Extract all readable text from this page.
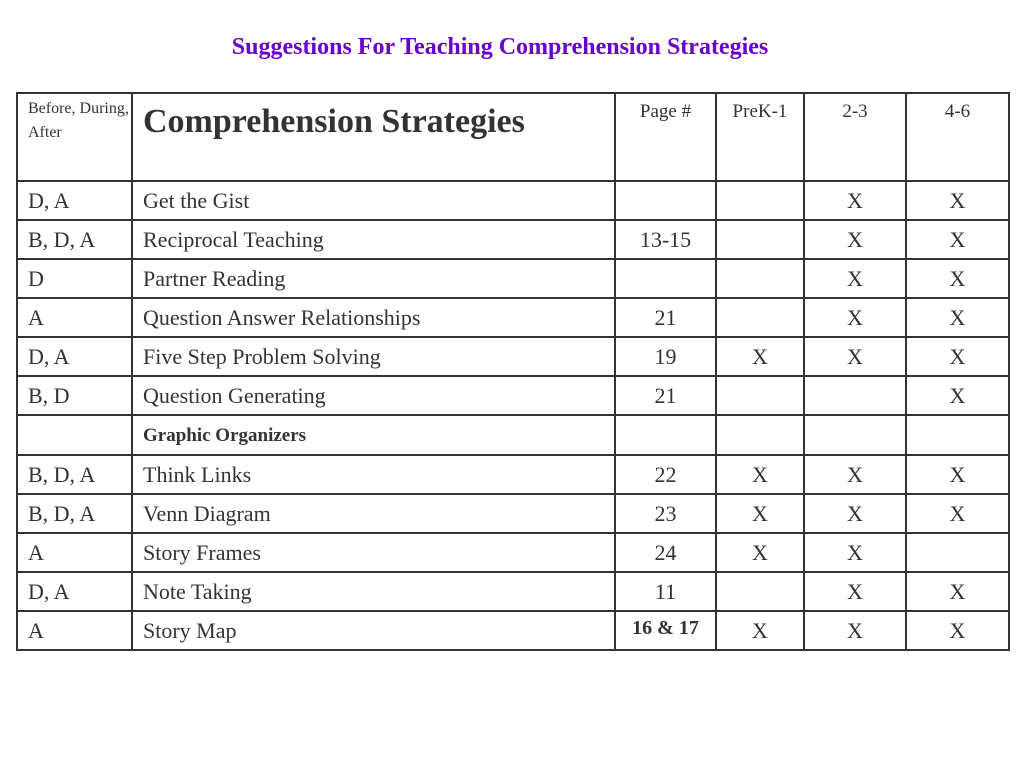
Suggestions For Teaching Comprehension Strategies
Before, During, After	Comprehension Strategies	Page #	PreK-1	2-3	4-6
D, A	Get the Gist			X	X
B, D, A	Reciprocal Teaching	13-15		X	X
D	Partner Reading			X	X
A	Question Answer Relationships	21		X	X
D, A	Five Step Problem Solving	19	X	X	X
B, D	Question Generating	21			X
	Graphic Organizers				
B, D, A	Think Links	22	X	X	X
B, D, A	Venn Diagram	23	X	X	X
A	Story Frames	24	X	X	
D, A	Note Taking	11		X	X
A	Story Map	16 & 17	X	X	X
